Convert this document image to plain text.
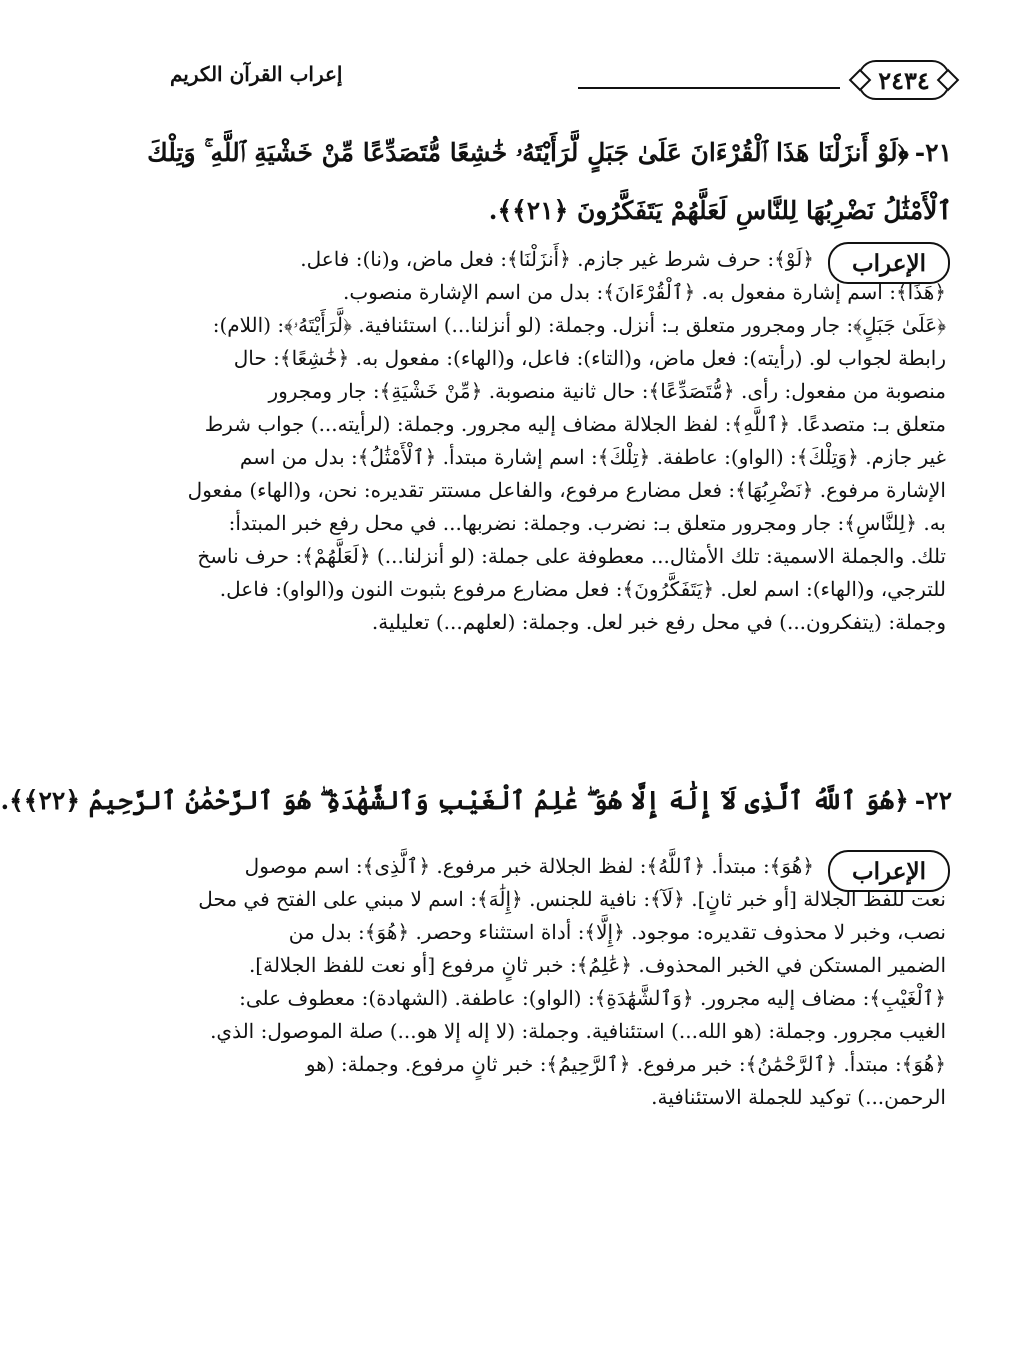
٢٤٣٤
إعراب القرآن الكريم
٢١-﴿لَوْ أَنزَلْنَا هَذَا ٱلْقُرْءَانَ عَلَىٰ جَبَلٍ لَّرَأَيْتَهُۥ خَٰشِعًا مُّتَصَدِّعًا مِّنْ خَشْيَةِ ٱللَّهِ ۚ وَتِلْكَ
ٱلْأَمْثَٰلُ نَضْرِبُهَا لِلنَّاسِ لَعَلَّهُمْ يَتَفَكَّرُونَ ﴿٢١﴾﴾.
الإعراب
﴿لَوْ﴾: حرف شرط غير جازم. ﴿أَنزَلْنَا﴾: فعل ماض، و(نا): فاعل.
﴿هَذَا﴾: اسم إشارة مفعول به. ﴿ٱلْقُرْءَانَ﴾: بدل من اسم الإشارة منصوب.
﴿عَلَىٰ جَبَلٍ﴾: جار ومجرور متعلق بـ: أنزل. وجملة: (لو أنزلنا...) استئنافية. ﴿لَّرَأَيْتَهُۥ﴾: (اللام):
رابطة لجواب لو. (رأيته): فعل ماض، و(التاء): فاعل، و(الهاء): مفعول به. ﴿خَٰشِعًا﴾: حال
منصوبة من مفعول: رأى. ﴿مُّتَصَدِّعًا﴾: حال ثانية منصوبة. ﴿مِّنْ خَشْيَةِ﴾: جار ومجرور
متعلق بـ: متصدعًا. ﴿ٱللَّهِ﴾: لفظ الجلالة مضاف إليه مجرور. وجملة: (لرأيته...) جواب شرط
غير جازم. ﴿وَتِلْكَ﴾: (الواو): عاطفة. ﴿تِلْكَ﴾: اسم إشارة مبتدأ. ﴿ٱلْأَمْثَٰلُ﴾: بدل من اسم
الإشارة مرفوع. ﴿نَضْرِبُهَا﴾: فعل مضارع مرفوع، والفاعل مستتر تقديره: نحن، و(الهاء) مفعول
به. ﴿لِلنَّاسِ﴾: جار ومجرور متعلق بـ: نضرب. وجملة: نضربها... في محل رفع خبر المبتدأ:
تلك. والجملة الاسمية: تلك الأمثال... معطوفة على جملة: (لو أنزلنا...) ﴿لَعَلَّهُمْ﴾: حرف ناسخ
للترجي، و(الهاء): اسم لعل. ﴿يَتَفَكَّرُونَ﴾: فعل مضارع مرفوع بثبوت النون و(الواو): فاعل.
وجملة: (يتفكرون...) في محل رفع خبر لعل. وجملة: (لعلهم...) تعليلية.
٢٢-﴿هُوَ ٱللَّهُ ٱلَّذِى لَآ إِلَٰهَ إِلَّا هُوَ ۖ عَٰلِمُ ٱلْغَيْبِ وَٱلشَّهَٰدَةِ ۖ هُوَ ٱلرَّحْمَٰنُ ٱلرَّحِيمُ ﴿٢٢﴾﴾.
الإعراب
﴿هُوَ﴾: مبتدأ. ﴿ٱللَّهُ﴾: لفظ الجلالة خبر مرفوع. ﴿ٱلَّذِى﴾: اسم موصول
نعت للفظ الجلالة [أو خبر ثانٍ]. ﴿لَآ﴾: نافية للجنس. ﴿إِلَٰهَ﴾: اسم لا مبني على الفتح في محل
نصب، وخبر لا محذوف تقديره: موجود. ﴿إِلَّا﴾: أداة استثناء وحصر. ﴿هُوَ﴾: بدل من
الضمير المستكن في الخبر المحذوف. ﴿عَٰلِمُ﴾: خبر ثانٍ مرفوع [أو نعت للفظ الجلالة].
﴿ٱلْغَيْبِ﴾: مضاف إليه مجرور. ﴿وَٱلشَّهَٰدَةِ﴾: (الواو): عاطفة. (الشهادة): معطوف على:
الغيب مجرور. وجملة: (هو الله...) استئنافية. وجملة: (لا إله إلا هو...) صلة الموصول: الذي.
﴿هُوَ﴾: مبتدأ. ﴿ٱلرَّحْمَٰنُ﴾: خبر مرفوع. ﴿ٱلرَّحِيمُ﴾: خبر ثانٍ مرفوع. وجملة: (هو
الرحمن...) توكيد للجملة الاستئنافية.
